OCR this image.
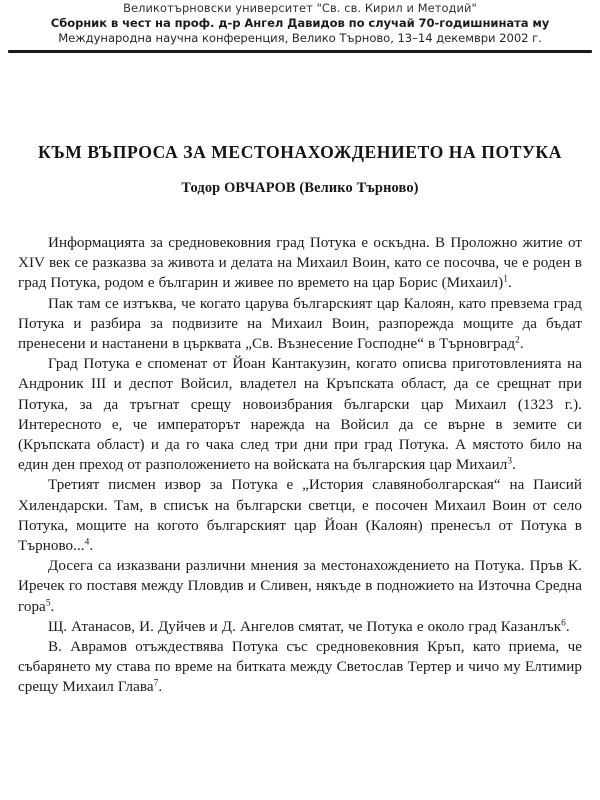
Великотърновски университет "Св. св. Кирил и Методий"
Сборник в чест на проф. д-р Ангел Давидов по случай 70-годишнината му
Международна научна конференция, Велико Търново, 13–14 декември 2002 г.
КЪМ ВЪПРОСА ЗА МЕСТОНАХОЖДЕНИЕТО НА ПОТУКА
Тодор ОВЧАРОВ (Велико Търново)

Информацията за средновековния град Потука е оскъдна. В Проложно житие от XIV век се разказва за живота и делата на Михаил Воин, като се посочва, че е роден в град Потука, родом е българин и живее по времето на цар Борис (Михаил)$^1$.

Пак там се изтъква, че когато царува българският цар Калоян, като превзема град Потука и разбира за подвизите на Михаил Воин, разпорежда мощите да бъдат пренесени и настанени в църквата „Св. Възнесение Господне“ в Търновград$^2$.

Град Потука е споменат от Йоан Кантакузин, когато описва приготовленията на Андроник III и деспот Войсил, владетел на Кръпската област, да се срещнат при Потука, за да тръгнат срещу новоизбрания български цар Михаил (1323 г.). Интересното е, че императорът нарежда на Войсил да се върне в земите си (Кръпската област) и да го чака след три дни при град Потука. А мястото било на един ден преход от разположението на войската на българския цар Михаил$^3$.

Третият писмен извор за Потука е „История славяноболгарская“ на Паисий Хилендарски. Там, в списък на български светци, е посочен Михаил Воин от село Потука, мощите на когото българският цар Йоан (Калоян) пренесъл от Потука в Търново...$^4$.

Досега са изказвани различни мнения за местонахождението на Потука. Пръв К. Иречек го поставя между Пловдив и Сливен, някъде в подножието на Източна Средна гора$^5$.

Щ. Атанасов, И. Дуйчев и Д. Ангелов смятат, че Потука е около град Казанлък$^6$.

В. Аврамов отъждествява Потука със средновековния Кръп, като приема, че събарянето му става по време на битката между Светослав Тертер и чичо му Елтимир срещу Михаил Глава$^7$.
